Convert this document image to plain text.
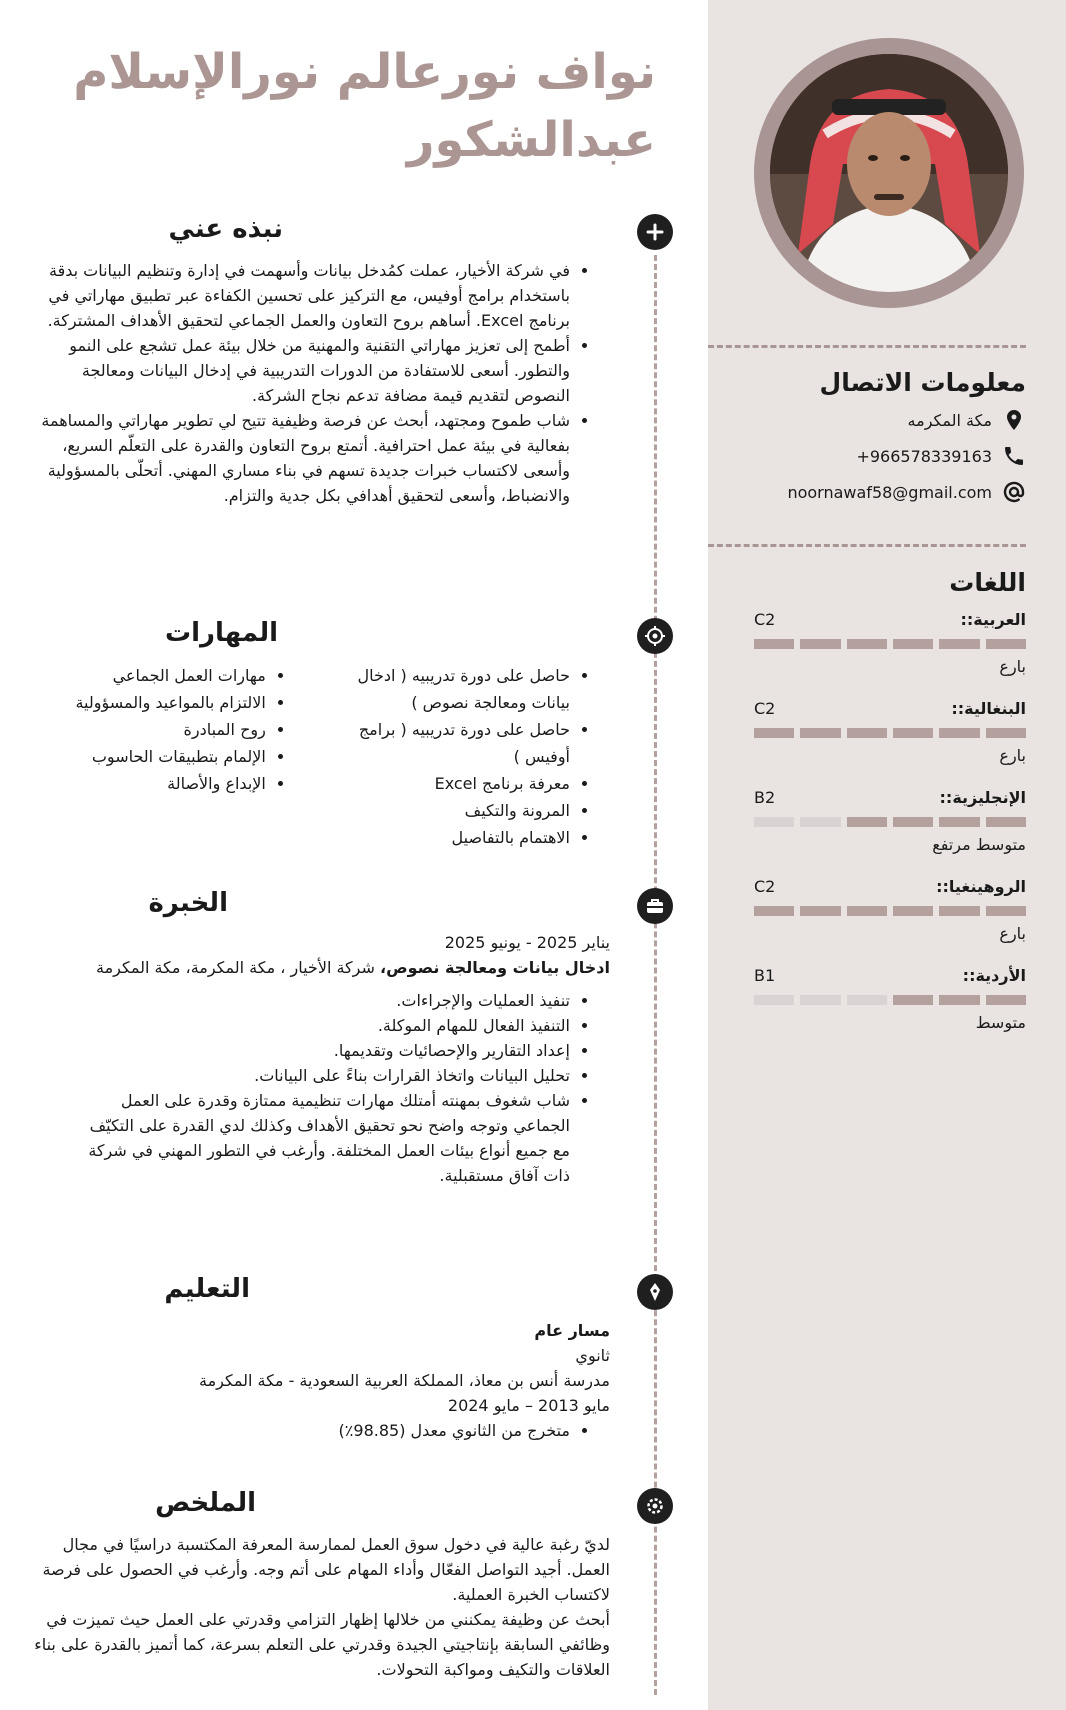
معلومات الاتصال
مكة المكرمه
+966578339163
noornawaf58@gmail.com
اللغات
العربية::
C2
بارع
البنغالية::
C2
بارع
الإنجليزية::
B2
متوسط مرتفع
الروهينغيا::
C2
بارع
الأردية::
B1
متوسط
نواف نورعالم نورالإسلام عبدالشكور
نبذه عني
• في شركة الأخيار، عملت كمُدخل بيانات وأسهمت في إدارة وتنظيم البيانات بدقة باستخدام برامج أوفيس، مع التركيز على تحسين الكفاءة عبر تطبيق مهاراتي في برنامج Excel. أساهم بروح التعاون والعمل الجماعي لتحقيق الأهداف المشتركة.
• أطمح إلى تعزيز مهاراتي التقنية والمهنية من خلال بيئة عمل تشجع على النمو والتطور. أسعى للاستفادة من الدورات التدريبية في إدخال البيانات ومعالجة النصوص لتقديم قيمة مضافة تدعم نجاح الشركة.
• شاب طموح ومجتهد، أبحث عن فرصة وظيفية تتيح لي تطوير مهاراتي والمساهمة بفعالية في بيئة عمل احترافية. أتمتع بروح التعاون والقدرة على التعلّم السريع، وأسعى لاكتساب خبرات جديدة تسهم في بناء مساري المهني. أتحلّى بالمسؤولية والانضباط، وأسعى لتحقيق أهدافي بكل جدية والتزام.
المهارات
• حاصل على دورة تدريبيه ( ادخال بيانات ومعالجة نصوص )
• حاصل على دورة تدريبيه ( برامج أوفيس )
• معرفة برنامج Excel
• المرونة والتكيف
• الاهتمام بالتفاصيل
• مهارات العمل الجماعي
• الالتزام بالمواعيد والمسؤولية
• روح المبادرة
• الإلمام بتطبيقات الحاسوب
• الإبداع والأصالة
الخبرة
يناير 2025 - يونيو 2025
ادخال بيانات ومعالجة نصوص، شركة الأخيار ، مكة المكرمة، مكة المكرمة
• تنفيذ العمليات والإجراءات.
• التنفيذ الفعال للمهام الموكلة.
• إعداد التقارير والإحصائيات وتقديمها.
• تحليل البيانات واتخاذ القرارات بناءً على البيانات.
• شاب شغوف بمهنته أمتلك مهارات تنظيمية ممتازة وقدرة على العمل الجماعي وتوجه واضح نحو تحقيق الأهداف وكذلك لدي القدرة على التكيّف مع جميع أنواع بيئات العمل المختلفة. وأرغب في التطور المهني في شركة ذات آفاق مستقبلية.
التعليم
مسار عام
ثانوي
مدرسة أنس بن معاذ، المملكة العربية السعودية - مكة المكرمة
مايو 2013 – مايو 2024
• متخرج من الثانوي معدل (98.85٪)
الملخص
لديّ رغبة عالية في دخول سوق العمل لممارسة المعرفة المكتسبة دراسيًا في مجال العمل. أجيد التواصل الفعّال وأداء المهام على أتم وجه. وأرغب في الحصول على فرصة لاكتساب الخبرة العملية.
أبحث عن وظيفة يمكنني من خلالها إظهار التزامي وقدرتي على العمل حيث تميزت في وظائفي السابقة بإنتاجيتي الجيدة وقدرتي على التعلم بسرعة، كما أتميز بالقدرة على بناء العلاقات والتكيف ومواكبة التحولات.
